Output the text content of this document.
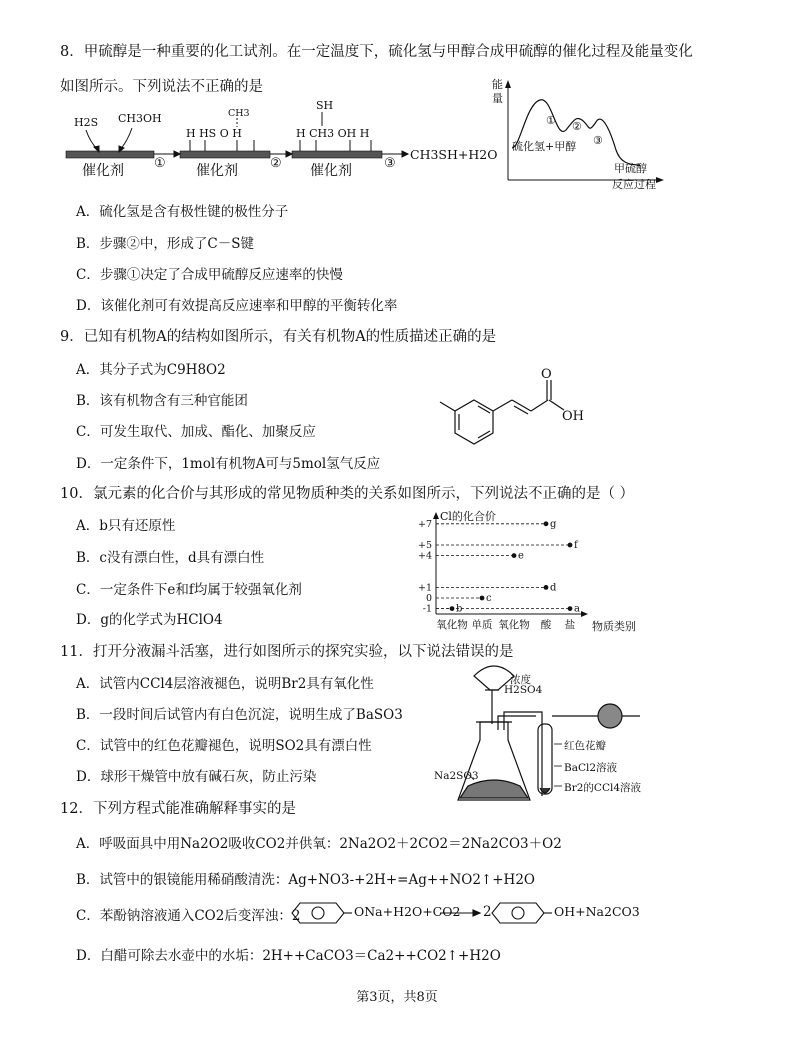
8．甲硫醇是一种重要的化工试剂。在一定温度下，硫化氢与甲醇合成甲硫醇的催化过程及能量变化
如图所示。下列说法不正确的是
H2S CH3OH
催化剂	催化剂	催化剂
①	②	③
CH3SH+H2O
CH3
H HS O H
SH
H CH3 OH H
能
量
硫化氢+甲醇
甲硫醇
反应过程
① ②
③
A．硫化氢是含有极性键的极性分子
B．步骤②中，形成了C－S键
C．步骤①决定了合成甲硫醇反应速率的快慢
D．该催化剂可有效提高反应速率和甲醇的平衡转化率
9．已知有机物A的结构如图所示，有关有机物A的性质描述正确的是
A．其分子式为C9H8O2
B．该有机物含有三种官能团
C．可发生取代、加成、酯化、加聚反应
D．一定条件下，1mol有机物A可与5mol氢气反应
O
OH
10．氯元素的化合价与其形成的常见物质种类的关系如图所示，下列说法不正确的是（ ）
A．b只有还原性
B．c没有漂白性，d具有漂白性
C．一定条件下e和f均属于较强氧化剂
D．g的化学式为HClO4
+7
+5
+4
+1
0
-1	a
b
c
e
d
f
g
氧化物 单质 氧化物 酸 盐
Cl的化合价
物质类别
11．打开分液漏斗活塞，进行如图所示的探究实验，以下说法错误的是
A．试管内CCl4层溶液褪色，说明Br2具有氧化性
B．一段时间后试管内有白色沉淀，说明生成了BaSO3
C．试管中的红色花瓣褪色，说明SO2具有漂白性
D．球形干燥管中放有碱石灰，防止污染
浓度
H2SO4
Na2SO3
红色花瓣
BaCl2溶液
Br2的CCl4溶液
12．下列方程式能准确解释事实的是
A．呼吸面具中用Na2O2吸收CO2并供氧：2Na2O2＋2CO2＝2Na2CO3＋O2
B．试管中的银镜能用稀硝酸清洗：Ag+NO3-+2H+=Ag++NO2↑+H2O
C．苯酚钠溶液通入CO2后变浑浊：2	ONa+H2O+CO2 2	OH+Na2CO3
D．白醋可除去水壶中的水垢：2H++CaCO3＝Ca2++CO2↑+H2O
第3页，共8页
